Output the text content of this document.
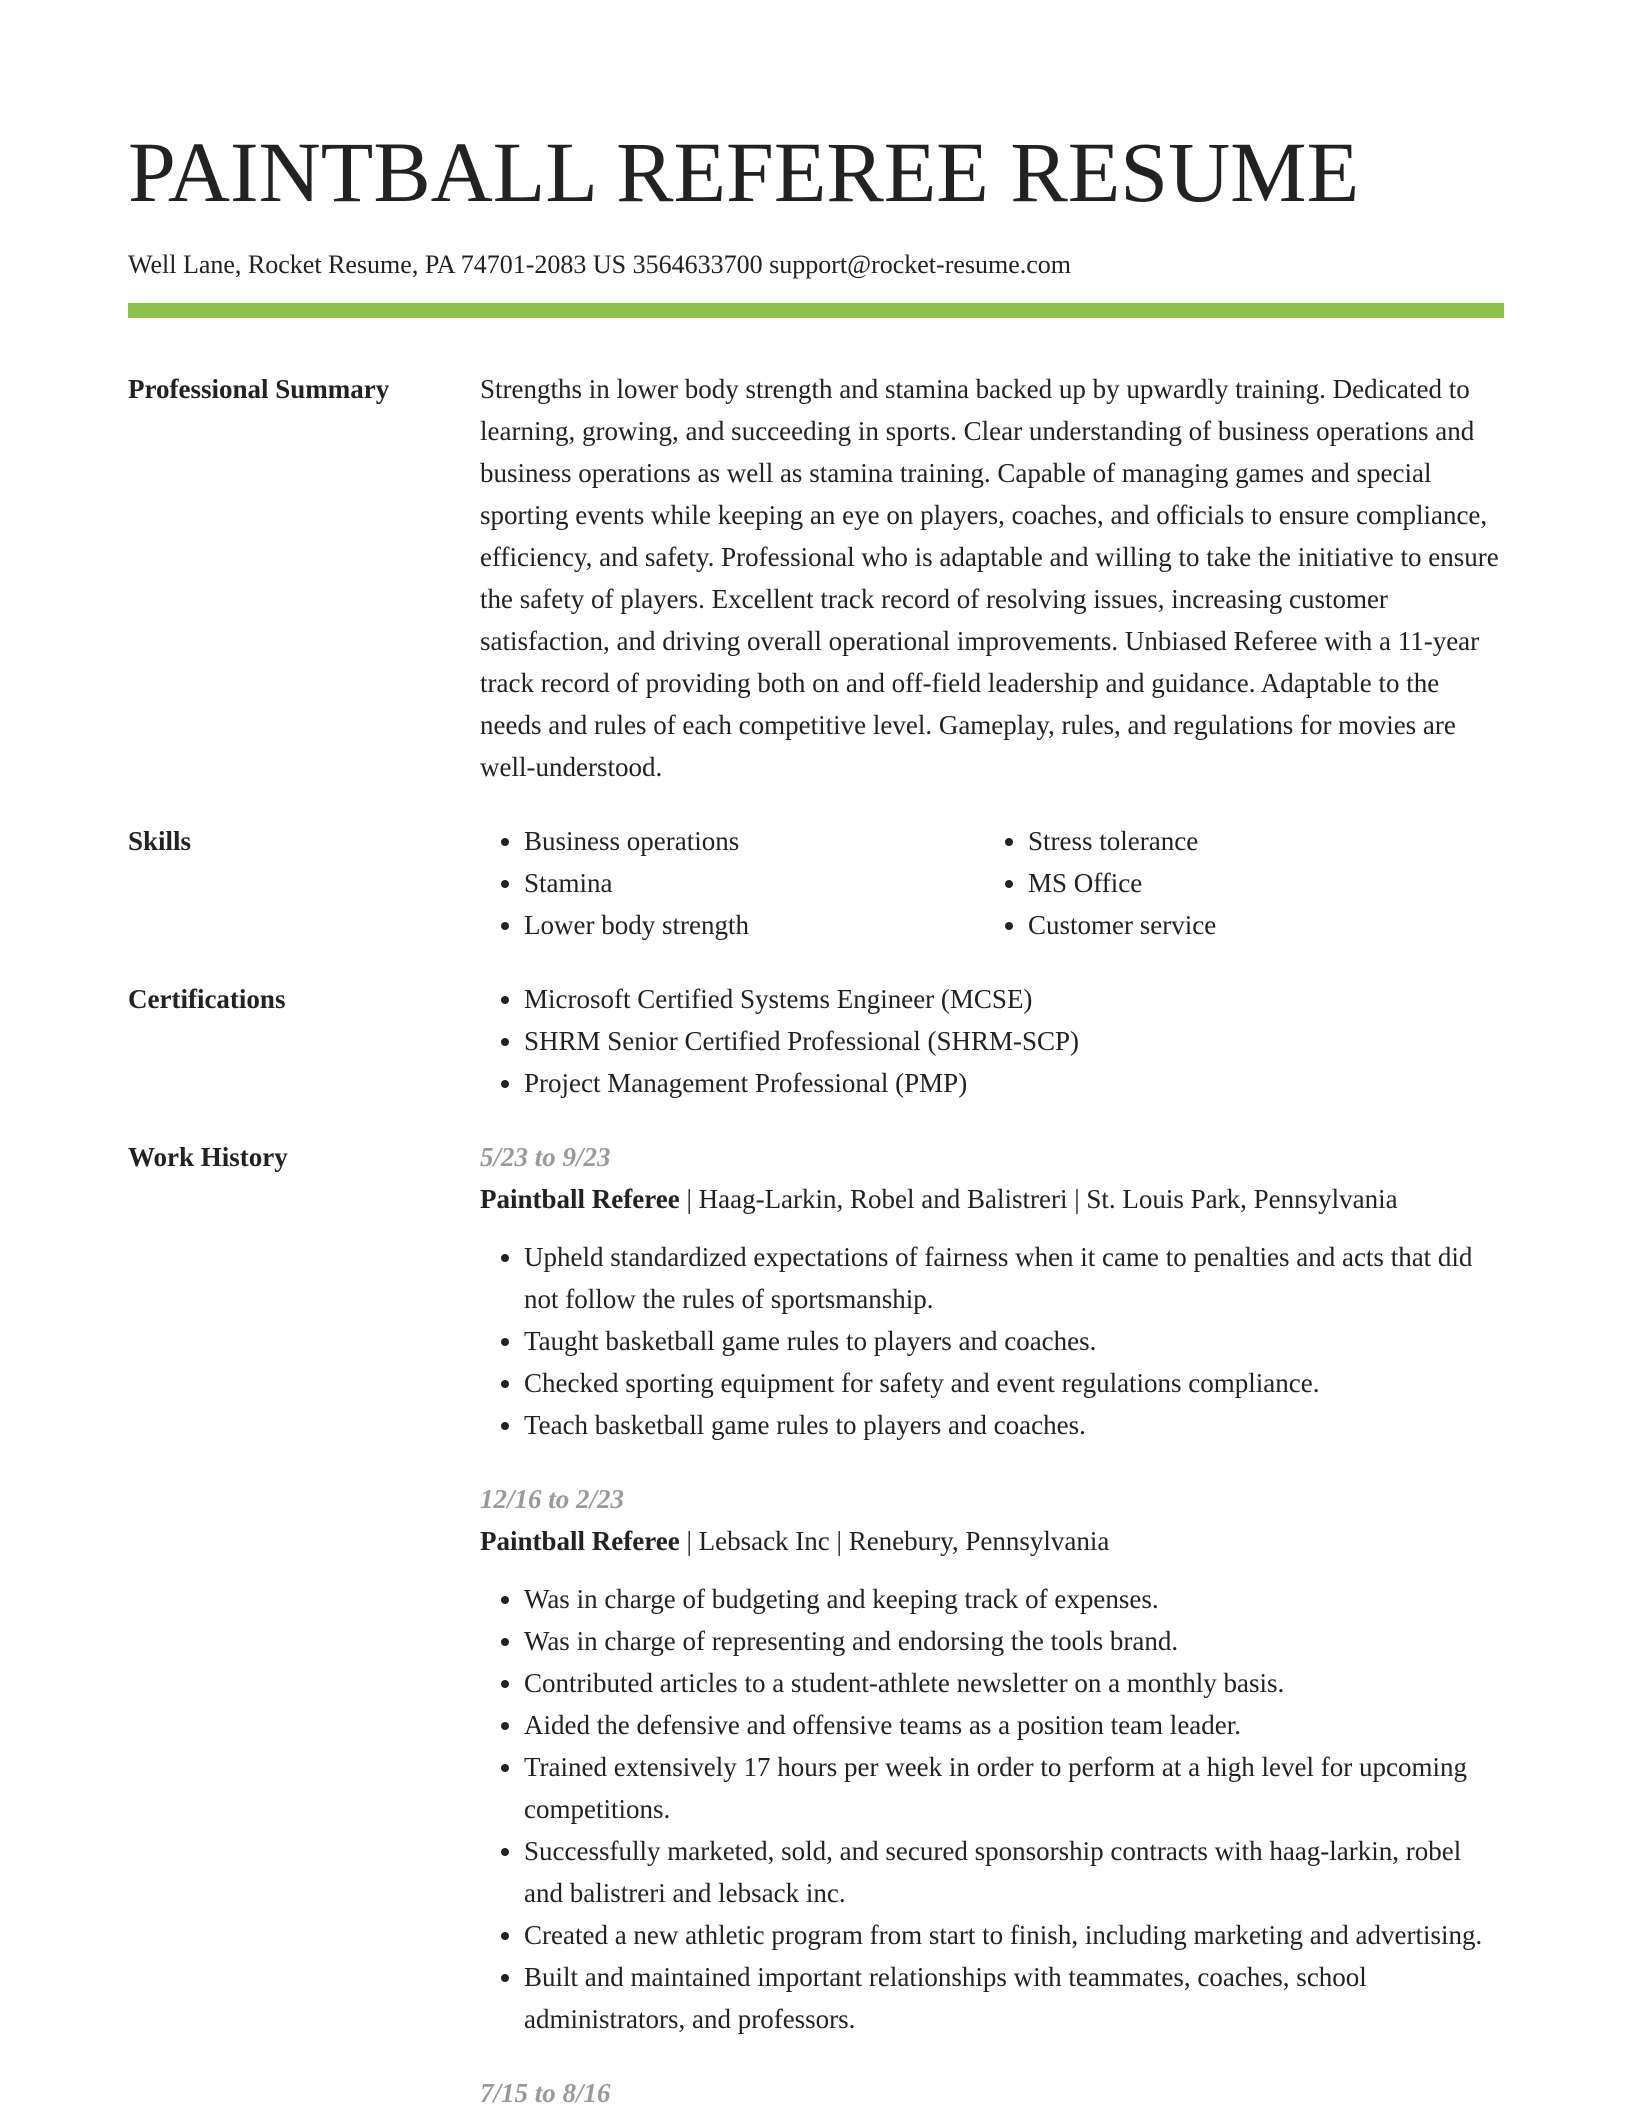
PAINTBALL REFEREE RESUME
Well Lane, Rocket Resume, PA 74701-2083 US 3564633700 support@rocket-resume.com
Professional Summary	Strengths in lower body strength and stamina backed up by upwardly training. Dedicated to learning, growing, and succeeding in sports. Clear understanding of business operations and business operations as well as stamina training. Capable of managing games and special sporting events while keeping an eye on players, coaches, and officials to ensure compliance, efficiency, and safety. Professional who is adaptable and willing to take the initiative to ensure the safety of players. Excellent track record of resolving issues, increasing customer satisfaction, and driving overall operational improvements. Unbiased Referee with a 11-year track record of providing both on and off-field leadership and guidance. Adaptable to the needs and rules of each competitive level. Gameplay, rules, and regulations for movies are well-understood.
Skills	• Business operations
• Stamina
• Lower body strength
• Stress tolerance
• MS Office
• Customer service
Certifications	• Microsoft Certified Systems Engineer (MCSE)
• SHRM Senior Certified Professional (SHRM-SCP)
• Project Management Professional (PMP)
Work History	5/23 to 9/23
Paintball Referee | Haag-Larkin, Robel and Balistreri | St. Louis Park, Pennsylvania
• Upheld standardized expectations of fairness when it came to penalties and acts that did not follow the rules of sportsmanship.
• Taught basketball game rules to players and coaches.
• Checked sporting equipment for safety and event regulations compliance.
• Teach basketball game rules to players and coaches.
12/16 to 2/23
Paintball Referee | Lebsack Inc | Renebury, Pennsylvania
• Was in charge of budgeting and keeping track of expenses.
• Was in charge of representing and endorsing the tools brand.
• Contributed articles to a student-athlete newsletter on a monthly basis.
• Aided the defensive and offensive teams as a position team leader.
• Trained extensively 17 hours per week in order to perform at a high level for upcoming competitions.
• Successfully marketed, sold, and secured sponsorship contracts with haag-larkin, robel and balistreri and lebsack inc.
• Created a new athletic program from start to finish, including marketing and advertising.
• Built and maintained important relationships with teammates, coaches, school administrators, and professors.
7/15 to 8/16
